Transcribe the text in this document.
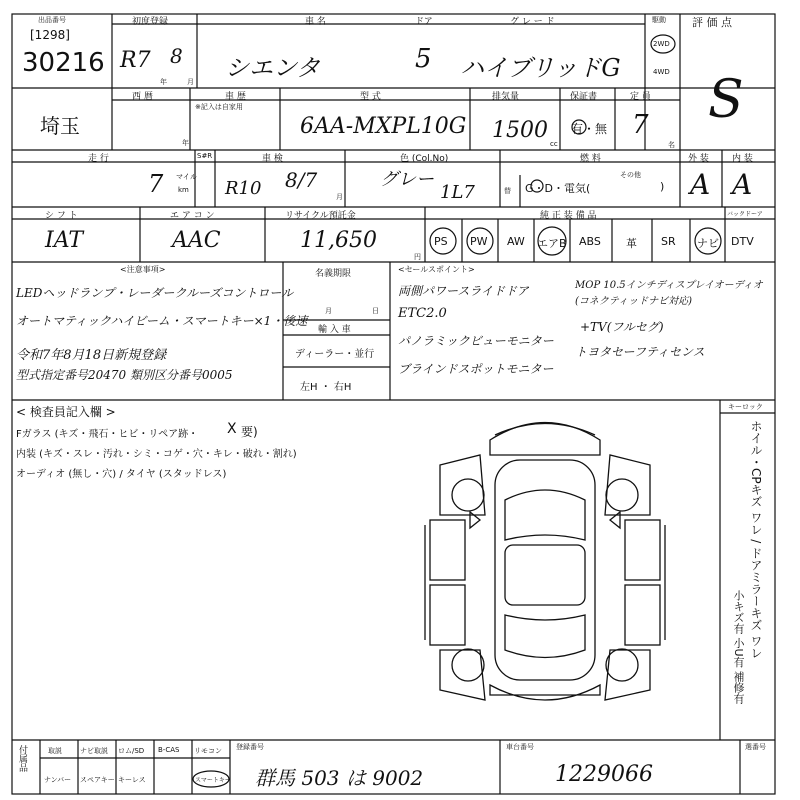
出品番号
[1298]
30216
初度登録
R7 8
年	月
車 名
シエンタ
ドア
5
グ レ ー ド
ハイブリッドG
駆動
2WD
4WD
評 価 点
S
埼玉
西 暦
年
車 歴
※記入は自家用
型 式
6AA-MXPL10G
排気量
1500
cc
保証書
有・無
定 員
7
名
走 行
7 マイル
km
S#R	車 検
R10 8/7
月
色 (Col.No)
グレー
1L7	替
燃 料
G・D・電気(
その他
)
外 装
A
内 装
A
シ フ ト
IAT
エ ア コ ン
AAC
リサイクル預託金
11,650
円
純 正 装 備 品	バックドーア
PS PW AW エアB ABS 革 SR ナビ DTV
<注意事項>
LEDヘッドランプ・レーダークルーズコントロール
オートマティックハイビーム・スマートキー×1・後速
令和7年8月18日新規登録
型式指定番号20470 類別区分番号0005
名義期限
月	日
輸 入 車
ディーラー・並行
左H ・ 右H
<セールスポイント>
両側パワースライドドア
ETC2.0
パノラミックビューモニター
ブラインドスポットモニター
MOP 10.5インチディスプレイオーディオ(コネクティッドナビ対応)
+TV(フルセグ)
トヨタセーフティセンス
< 検査員記入欄 >
Fガラス (キズ・飛石・ヒビ・リペア跡・ X 要)
内装 (キズ・スレ・汚れ・シミ・コゲ・穴・キレ・破れ・割れ)
オーディオ (無し・穴) / タイヤ (スタッドレス)
キーロック
ホイル・CPキズ ワレ / ドアミラーキズ ワレ
小キズ有 小U有 補修有
付属品	取説	ナビ取説 ロム/SD B-CAS リモコン
ナンバー スペアキー キーレス	スマートキー
登録番号
群馬 503 は 9002
車台番号
1229066
選番号
